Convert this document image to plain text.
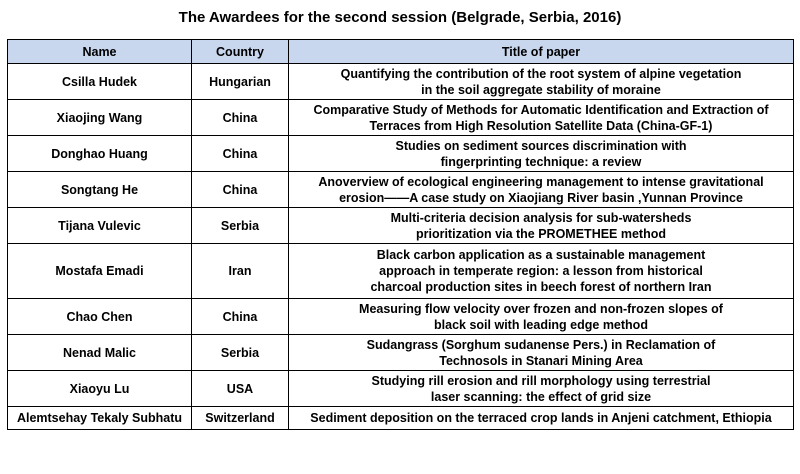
The Awardees for the second session (Belgrade, Serbia, 2016)
Name	Country	Title of paper
Csilla Hudek	Hungarian	Quantifying the contribution of the root system of alpine vegetation
in the soil aggregate stability of moraine

Xiaojing Wang	China	Comparative Study of Methods for Automatic Identification and Extraction of
Terraces from High Resolution Satellite Data (China-GF-1)

Donghao Huang	China	Studies on sediment sources discrimination with
fingerprinting technique: a review

Songtang He	China	Anoverview of ecological engineering management to intense gravitational
erosion——A case study on Xiaojiang River basin ,Yunnan Province

Tijana Vulevic	Serbia	Multi-criteria decision analysis for sub-watersheds
prioritization via the PROMETHEE method

Mostafa Emadi	Iran	Black carbon application as a sustainable management
approach in temperate region: a lesson from historical
charcoal production sites in beech forest of northern Iran

Chao Chen	China	Measuring flow velocity over frozen and non-frozen slopes of
black soil with leading edge method

Nenad Malic	Serbia	Sudangrass (Sorghum sudanense Pers.) in Reclamation of
Technosols in Stanari Mining Area

Xiaoyu Lu	USA	Studying rill erosion and rill morphology using terrestrial
laser scanning: the effect of grid size

Alemtsehay Tekaly Subhatu	Switzerland	Sediment deposition on the terraced crop lands in Anjeni catchment, Ethiopia
